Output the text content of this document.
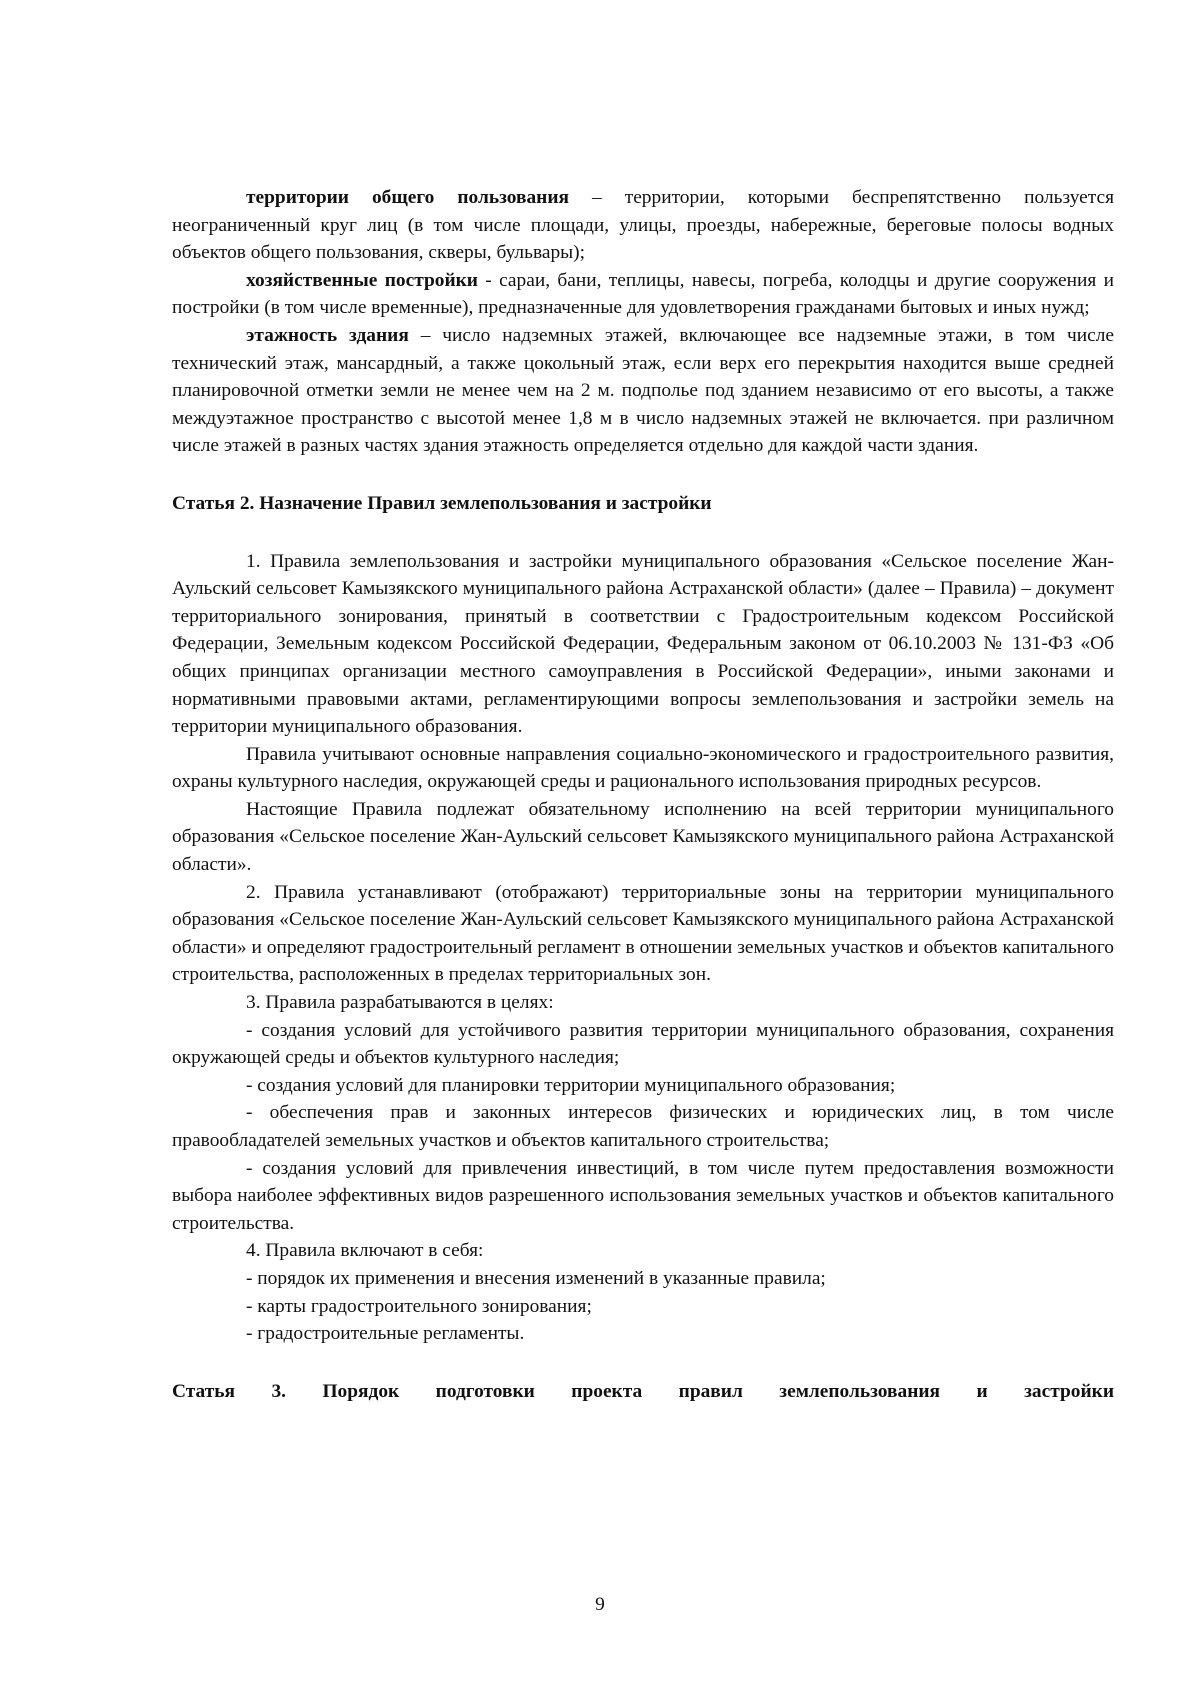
территории общего пользования – территории, которыми беспрепятственно пользуется неограниченный круг лиц (в том числе площади, улицы, проезды, набережные, береговые полосы водных объектов общего пользования, скверы, бульвары);

хозяйственные постройки - сараи, бани, теплицы, навесы, погреба, колодцы и другие сооружения и постройки (в том числе временные), предназначенные для удовлетворения гражданами бытовых и иных нужд;

этажность здания – число надземных этажей, включающее все надземные этажи, в том числе технический этаж, мансардный, а также цокольный этаж, если верх его перекрытия находится выше средней планировочной отметки земли не менее чем на 2 м. подполье под зданием независимо от его высоты, а также междуэтажное пространство с высотой менее 1,8 м в число надземных этажей не включается. при различном числе этажей в разных частях здания этажность определяется отдельно для каждой части здания.

Статья 2. Назначение Правил землепользования и застройки

1. Правила землепользования и застройки муниципального образования «Сельское поселение Жан-Аульский сельсовет Камызякского муниципального района Астраханской области» (далее – Правила) – документ территориального зонирования, принятый в соответствии с Градостроительным кодексом Российской Федерации, Земельным кодексом Российской Федерации, Федеральным законом от 06.10.2003 № 131-ФЗ «Об общих принципах организации местного самоуправления в Российской Федерации», иными законами и нормативными правовыми актами, регламентирующими вопросы землепользования и застройки земель на территории муниципального образования.

Правила учитывают основные направления социально-экономического и градостроительного развития, охраны культурного наследия, окружающей среды и рационального использования природных ресурсов.

Настоящие Правила подлежат обязательному исполнению на всей территории муниципального образования «Сельское поселение Жан-Аульский сельсовет Камызякского муниципального района Астраханской области».

2. Правила устанавливают (отображают) территориальные зоны на территории муниципального образования «Сельское поселение Жан-Аульский сельсовет Камызякского муниципального района Астраханской области» и определяют градостроительный регламент в отношении земельных участков и объектов капитального строительства, расположенных в пределах территориальных зон.

3. Правила разрабатываются в целях:

- создания условий для устойчивого развития территории муниципального образования, сохранения окружающей среды и объектов культурного наследия;

- создания условий для планировки территории муниципального образования;

- обеспечения прав и законных интересов физических и юридических лиц, в том числе правообладателей земельных участков и объектов капитального строительства;

- создания условий для привлечения инвестиций, в том числе путем предоставления возможности выбора наиболее эффективных видов разрешенного использования земельных участков и объектов капитального строительства.

4. Правила включают в себя:

- порядок их применения и внесения изменений в указанные правила;

- карты градостроительного зонирования;

- градостроительные регламенты.

Статья 3. Порядок подготовки проекта правил землепользования и застройки

9
